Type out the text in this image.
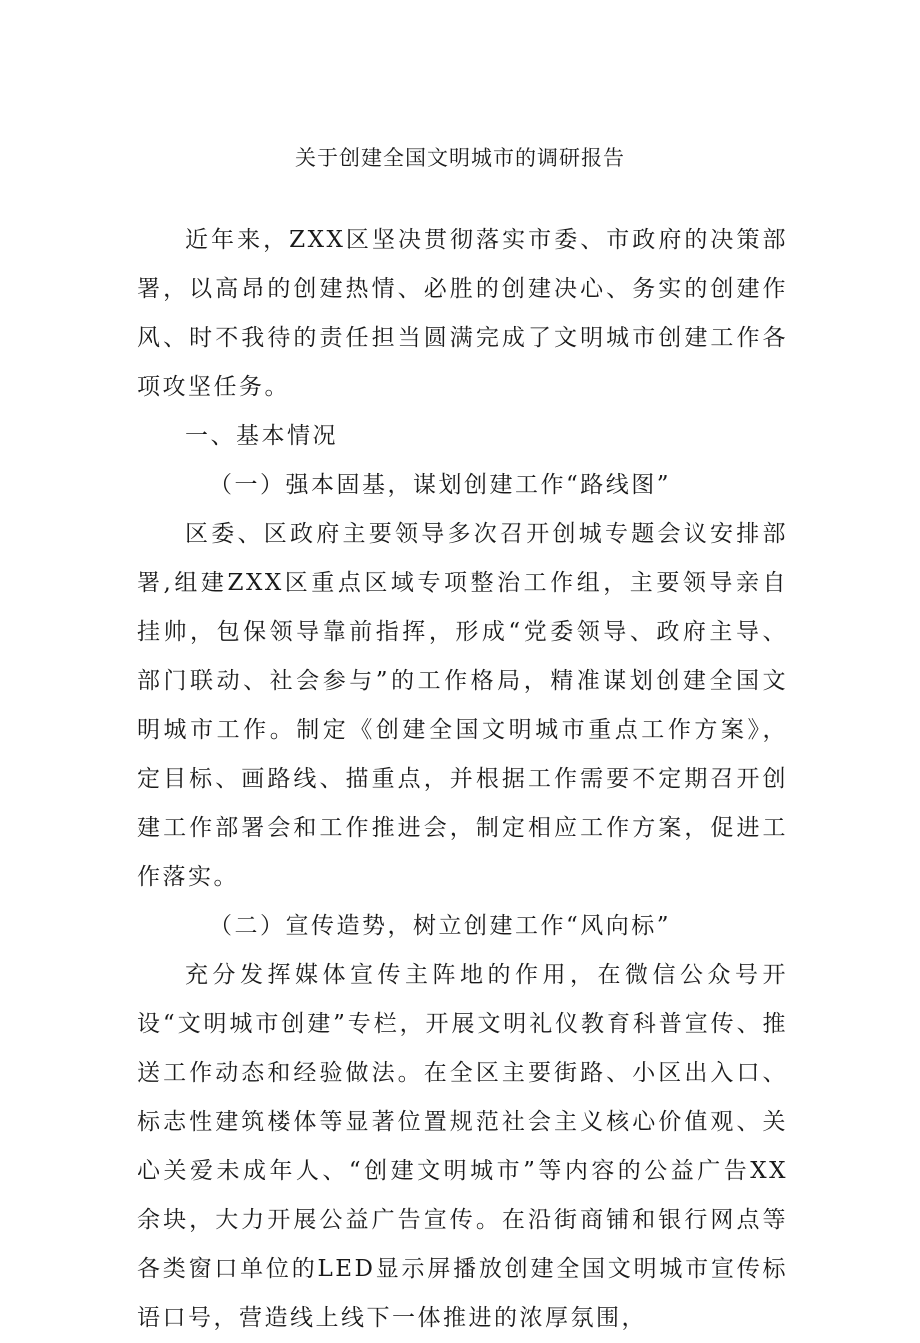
关于创建全国文明城市的调研报告

近年来，ZXX区坚决贯彻落实市委、市政府的决策部署，以高昂的创建热情、必胜的创建决心、务实的创建作风、时不我待的责任担当圆满完成了文明城市创建工作各项攻坚任务。

一、基本情况

（一）强本固基，谋划创建工作“路线图”

区委、区政府主要领导多次召开创城专题会议安排部署,组建ZXX区重点区域专项整治工作组，主要领导亲自挂帅，包保领导靠前指挥，形成“党委领导、政府主导、部门联动、社会参与”的工作格局，精准谋划创建全国文明城市工作。制定《创建全国文明城市重点工作方案》，定目标、画路线、描重点，并根据工作需要不定期召开创建工作部署会和工作推进会，制定相应工作方案，促进工作落实。

（二）宣传造势，树立创建工作“风向标”

充分发挥媒体宣传主阵地的作用，在微信公众号开设“文明城市创建”专栏，开展文明礼仪教育科普宣传、推送工作动态和经验做法。在全区主要街路、小区出入口、标志性建筑楼体等显著位置规范社会主义核心价值观、关心关爱未成年人、“创建文明城市”等内容的公益广告XX余块，大力开展公益广告宣传。在沿街商铺和银行网点等各类窗口单位的LED显示屏播放创建全国文明城市宣传标语口号，营造线上线下一体推进的浓厚氛围，
